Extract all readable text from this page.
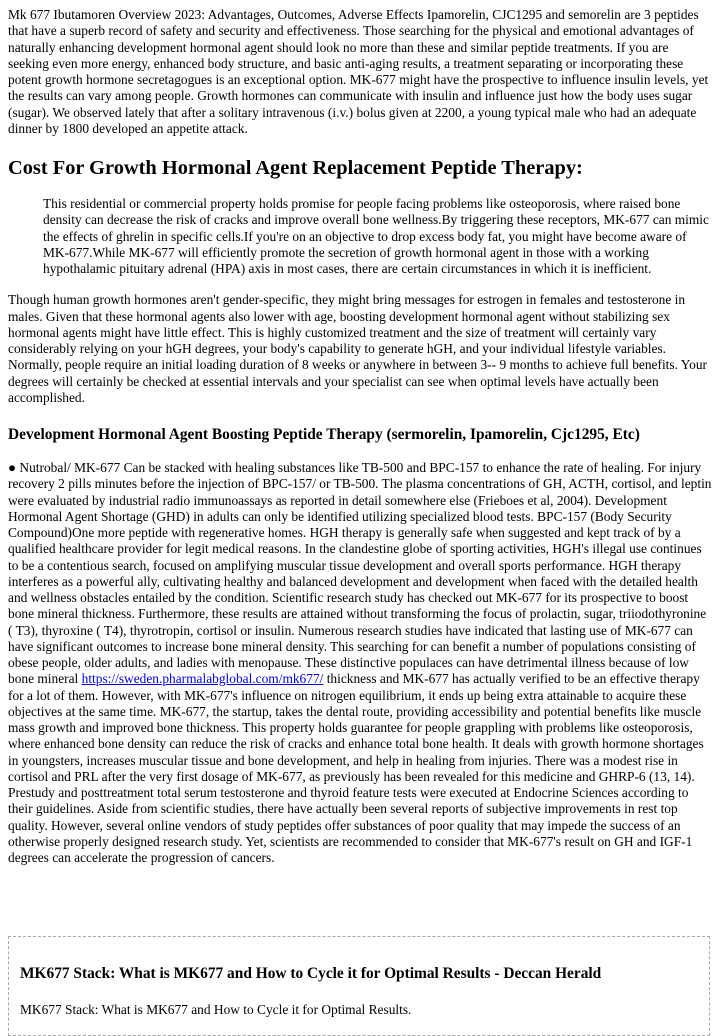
Mk 677 Ibutamoren Overview 2023: Advantages, Outcomes, Adverse Effects Ipamorelin, CJC1295 and semorelin are 3 peptides that have a superb record of safety and security and effectiveness. Those searching for the physical and emotional advantages of naturally enhancing development hormonal agent should look no more than these and similar peptide treatments. If you are seeking even more energy, enhanced body structure, and basic anti-aging results, a treatment separating or incorporating these potent growth hormone secretagogues is an exceptional option. MK-677 might have the prospective to influence insulin levels, yet the results can vary among people. Growth hormones can communicate with insulin and influence just how the body uses sugar (sugar). We observed lately that after a solitary intravenous (i.v.) bolus given at 2200, a young typical male who had an adequate dinner by 1800 developed an appetite attack.

Cost For Growth Hormonal Agent Replacement Peptide Therapy:

This residential or commercial property holds promise for people facing problems like osteoporosis, where raised bone density can decrease the risk of cracks and improve overall bone wellness.By triggering these receptors, MK-677 can mimic the effects of ghrelin in specific cells.If you're on an objective to drop excess body fat, you might have become aware of MK-677.While MK-677 will efficiently promote the secretion of growth hormonal agent in those with a working hypothalamic pituitary adrenal (HPA) axis in most cases, there are certain circumstances in which it is inefficient.

Though human growth hormones aren't gender-specific, they might bring messages for estrogen in females and testosterone in males. Given that these hormonal agents also lower with age, boosting development hormonal agent without stabilizing sex hormonal agents might have little effect. This is highly customized treatment and the size of treatment will certainly vary considerably relying on your hGH degrees, your body's capability to generate hGH, and your individual lifestyle variables. Normally, people require an initial loading duration of 8 weeks or anywhere in between 3-- 9 months to achieve full benefits. Your degrees will certainly be checked at essential intervals and your specialist can see when optimal levels have actually been accomplished.

Development Hormonal Agent Boosting Peptide Therapy (sermorelin, Ipamorelin, Cjc1295, Etc)

● Nutrobal/ MK-677 Can be stacked with healing substances like TB-500 and BPC-157 to enhance the rate of healing. For injury recovery 2 pills minutes before the injection of BPC-157/ or TB-500. The plasma concentrations of GH, ACTH, cortisol, and leptin were evaluated by industrial radio immunoassays as reported in detail somewhere else (Frieboes et al, 2004). Development Hormonal Agent Shortage (GHD) in adults can only be identified utilizing specialized blood tests. BPC-157 (Body Security Compound)One more peptide with regenerative homes. HGH therapy is generally safe when suggested and kept track of by a qualified healthcare provider for legit medical reasons. In the clandestine globe of sporting activities, HGH's illegal use continues to be a contentious search, focused on amplifying muscular tissue development and overall sports performance. HGH therapy interferes as a powerful ally, cultivating healthy and balanced development and development when faced with the detailed health and wellness obstacles entailed by the condition. Scientific research study has checked out MK-677 for its prospective to boost bone mineral thickness. Furthermore, these results are attained without transforming the focus of prolactin, sugar, triiodothyronine ( T3), thyroxine ( T4), thyrotropin, cortisol or insulin. Numerous research studies have indicated that lasting use of MK-677 can have significant outcomes to increase bone mineral density. This searching for can benefit a number of populations consisting of obese people, older adults, and ladies with menopause. These distinctive populaces can have detrimental illness because of low bone mineral https://sweden.pharmalabglobal.com/mk677/ thickness and MK-677 has actually verified to be an effective therapy for a lot of them. However, with MK-677's influence on nitrogen equilibrium, it ends up being extra attainable to acquire these objectives at the same time. MK-677, the startup, takes the dental route, providing accessibility and potential benefits like muscle mass growth and improved bone thickness. This property holds guarantee for people grappling with problems like osteoporosis, where enhanced bone density can reduce the risk of cracks and enhance total bone health. It deals with growth hormone shortages in youngsters, increases muscular tissue and bone development, and help in healing from injuries. There was a modest rise in cortisol and PRL after the very first dosage of MK-677, as previously has been revealed for this medicine and GHRP-6 (13, 14). Prestudy and posttreatment total serum testosterone and thyroid feature tests were executed at Endocrine Sciences according to their guidelines. Aside from scientific studies, there have actually been several reports of subjective improvements in rest top quality. However, several online vendors of study peptides offer substances of poor quality that may impede the success of an otherwise properly designed research study. Yet, scientists are recommended to consider that MK-677's result on GH and IGF-1 degrees can accelerate the progression of cancers.

MK677 Stack: What is MK677 and How to Cycle it for Optimal Results - Deccan Herald

MK677 Stack: What is MK677 and How to Cycle it for Optimal Results.
